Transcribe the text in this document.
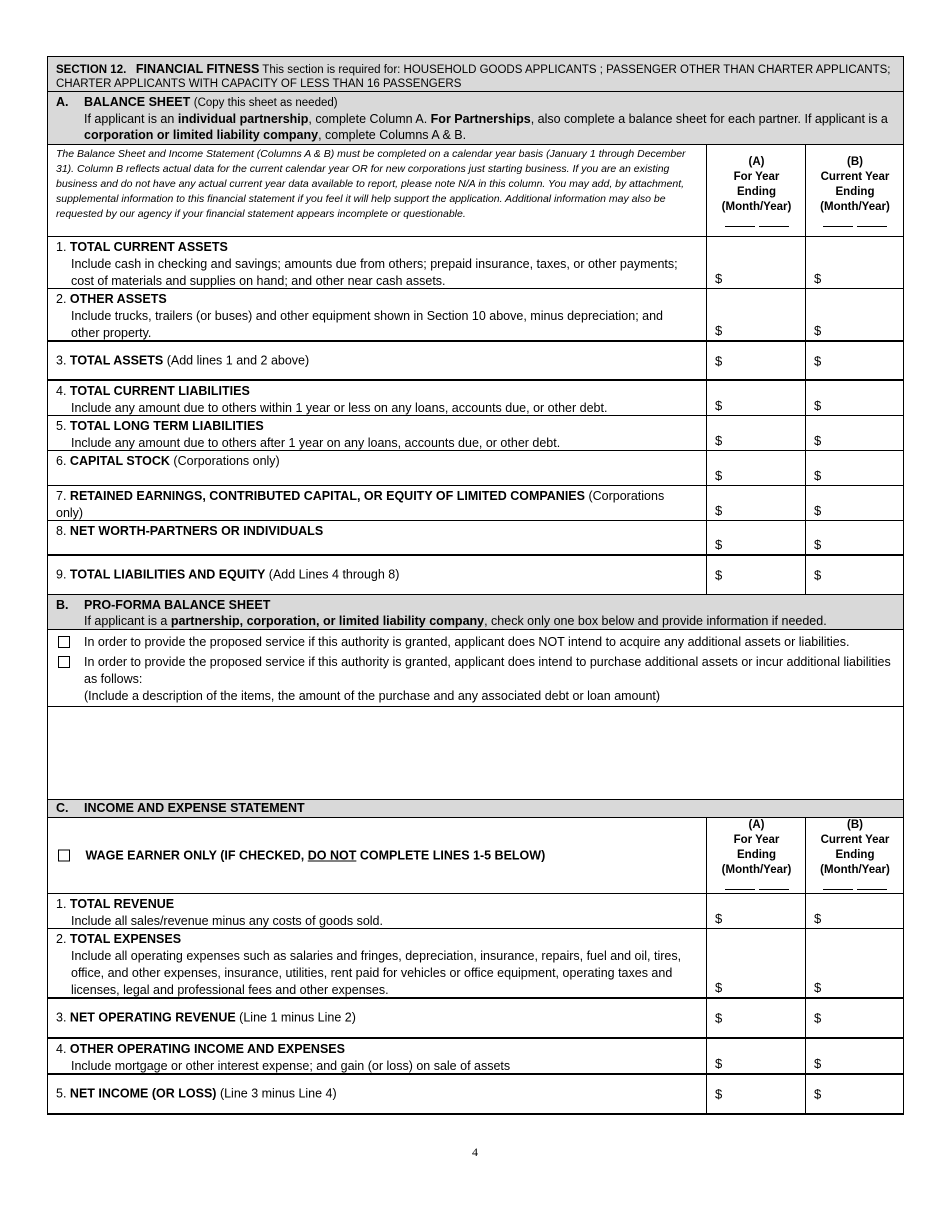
SECTION 12. FINANCIAL FITNESS This section is required for: HOUSEHOLD GOODS APPLICANTS ; PASSENGER OTHER THAN CHARTER APPLICANTS; CHARTER APPLICANTS WITH CAPACITY OF LESS THAN 16 PASSENGERS
A. BALANCE SHEET (Copy this sheet as needed)
If applicant is an individual partnership, complete Column A. For Partnerships, also complete a balance sheet for each partner. If applicant is a corporation or limited liability company, complete Columns A & B.
The Balance Sheet and Income Statement (Columns A & B) must be completed on a calendar year basis (January 1 through December 31). Column B reflects actual data for the current calendar year OR for new corporations just starting business. If you are an existing business and do not have any actual current year data available to report, please note N/A in this column. You may add, by attachment, supplemental information to this financial statement if you feel it will help support the application. Additional information may also be requested by our agency if your financial statement appears incomplete or questionable.
(A)
For Year
Ending
(Month/Year)
(B)
Current Year
Ending
(Month/Year)
1. TOTAL CURRENT ASSETS
Include cash in checking and savings; amounts due from others; prepaid insurance, taxes, or other payments; cost of materials and supplies on hand; and other near cash assets.	$	$
2. OTHER ASSETS
Include trucks, trailers (or buses) and other equipment shown in Section 10 above, minus depreciation; and other property.	$	$
3. TOTAL ASSETS (Add lines 1 and 2 above)	$	$
4. TOTAL CURRENT LIABILITIES
Include any amount due to others within 1 year or less on any loans, accounts due, or other debt.	$	$
5. TOTAL LONG TERM LIABILITIES
Include any amount due to others after 1 year on any loans, accounts due, or other debt.	$	$
6. CAPITAL STOCK (Corporations only)
$	$
7. RETAINED EARNINGS, CONTRIBUTED CAPITAL, OR EQUITY OF LIMITED COMPANIES (Corporations only)	$	$
8. NET WORTH-PARTNERS OR INDIVIDUALS
$	$
9. TOTAL LIABILITIES AND EQUITY (Add Lines 4 through 8)	$	$
B. PRO-FORMA BALANCE SHEET
If applicant is a partnership, corporation, or limited liability company, check only one box below and provide information if needed.
In order to provide the proposed service if this authority is granted, applicant does NOT intend to acquire any additional assets or liabilities.
In order to provide the proposed service if this authority is granted, applicant does intend to purchase additional assets or incur additional liabilities as follows:
(Include a description of the items, the amount of the purchase and any associated debt or loan amount)
C. INCOME AND EXPENSE STATEMENT
WAGE EARNER ONLY (IF CHECKED, DO NOT COMPLETE LINES 1-5 BELOW)
(A)
For Year
Ending
(Month/Year)
(B)
Current Year
Ending
(Month/Year)
1. TOTAL REVENUE
Include all sales/revenue minus any costs of goods sold.	$	$
2. TOTAL EXPENSES
Include all operating expenses such as salaries and fringes, depreciation, insurance, repairs, fuel and oil, tires, office, and other expenses, insurance, utilities, rent paid for vehicles or office equipment, operating taxes and licenses, legal and professional fees and other expenses.	$	$
3. NET OPERATING REVENUE (Line 1 minus Line 2)	$	$
4. OTHER OPERATING INCOME AND EXPENSES
Include mortgage or other interest expense; and gain (or loss) on sale of assets	$	$
5. NET INCOME (OR LOSS) (Line 3 minus Line 4)	$	$
4
